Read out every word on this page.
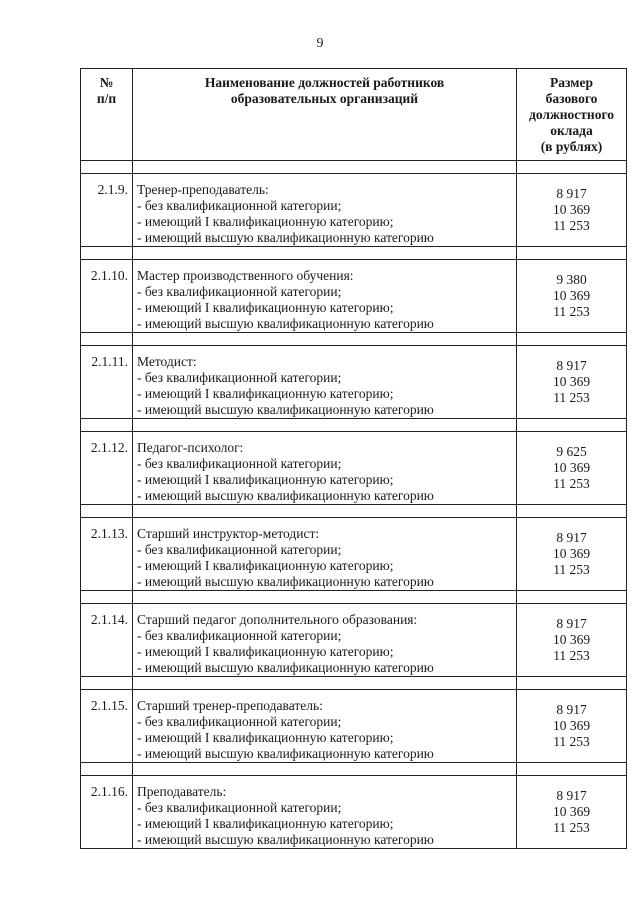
9
№
п/п	Наименование должностей работников
образовательных организаций	Размер
базового
должностного
оклада
(в рублях)

2.1.9.	Тренер-преподаватель:
- без квалификационной категории;
- имеющий I квалификационную категорию;
- имеющий высшую квалификационную категорию	8 917
10 369
11 253

2.1.10.	Мастер производственного обучения:
- без квалификационной категории;
- имеющий I квалификационную категорию;
- имеющий высшую квалификационную категорию	9 380
10 369
11 253

2.1.11.	Методист:
- без квалификационной категории;
- имеющий I квалификационную категорию;
- имеющий высшую квалификационную категорию	8 917
10 369
11 253

2.1.12.	Педагог-психолог:
- без квалификационной категории;
- имеющий I квалификационную категорию;
- имеющий высшую квалификационную категорию	9 625
10 369
11 253

2.1.13.	Старший инструктор-методист:
- без квалификационной категории;
- имеющий I квалификационную категорию;
- имеющий высшую квалификационную категорию	8 917
10 369
11 253

2.1.14.	Старший педагог дополнительного образования:
- без квалификационной категории;
- имеющий I квалификационную категорию;
- имеющий высшую квалификационную категорию	8 917
10 369
11 253

2.1.15.	Старший тренер-преподаватель:
- без квалификационной категории;
- имеющий I квалификационную категорию;
- имеющий высшую квалификационную категорию	8 917
10 369
11 253

2.1.16.	Преподаватель:
- без квалификационной категории;
- имеющий I квалификационную категорию;
- имеющий высшую квалификационную категорию	8 917
10 369
11 253
